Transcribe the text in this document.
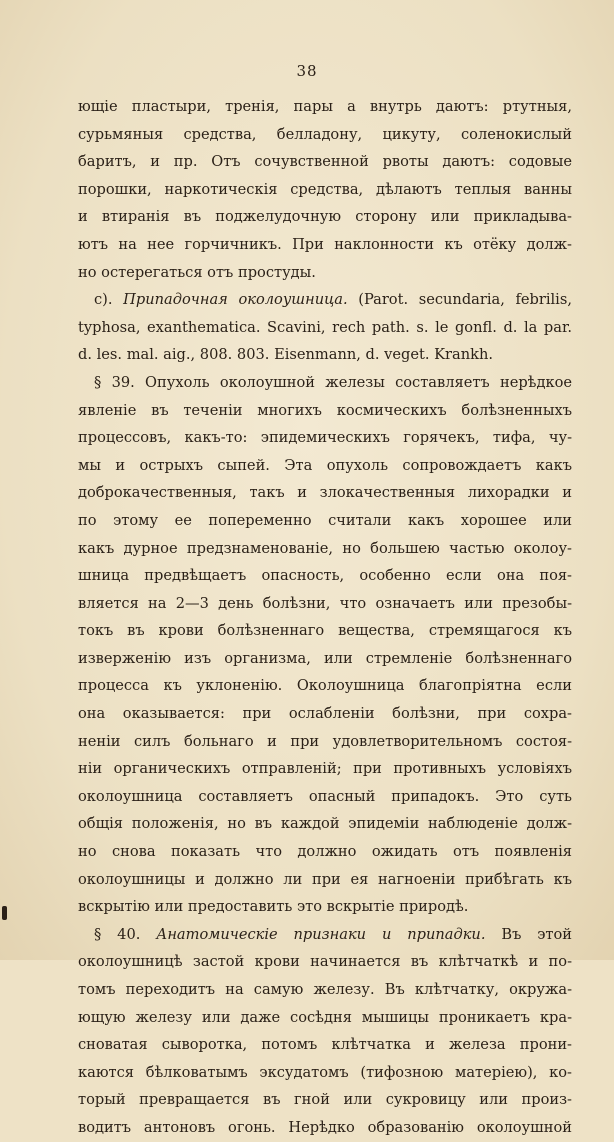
38
ющіе пластыри, тренія, пары а внутрь даютъ: ртутныя,
сурьмяныя средства, белладону, цикуту, соленокислый
баритъ, и пр. Отъ сочувственной рвоты даютъ: содовые
порошки, наркотическія средства, дѣлаютъ теплыя ванны
и втиранія въ поджелудочную сторону или прикладыва-
ютъ на нее горчичникъ. При наклонности къ отёку долж-
но остерегаться отъ простуды.
c). Припадочная околоушница. (Parot. secundaria, febrilis,
typhosa, exanthematica. Scavini, rech path. s. le gonfl. d. la par.
d. les. mal. aig., 808. 803. Eisenmann, d. veget. Krankh.
§ 39. Опухоль околоушной железы составляетъ нерѣдкое
явленіе въ теченіи многихъ космическихъ болѣзненныхъ
процессовъ, какъ-то: эпидемическихъ горячекъ, тифа, чу-
мы и острыхъ сыпей. Эта опухоль сопровождаетъ какъ
доброкачественныя, такъ и злокачественныя лихорадки и
по этому ее попеременно считали какъ хорошее или
какъ дурное предзнаменованіе, но большею частью околоу-
шница предвѣщаетъ опасность, особенно если она поя-
вляется на 2—3 день болѣзни, что означаетъ или презобы-
токъ въ крови болѣзненнаго вещества, стремящагося къ
изверженію изъ организма, или стремленіе болѣзненнаго
процесса къ уклоненію. Околоушница благопріятна если
она оказывается: при ослабленіи болѣзни, при сохра-
неніи силъ больнаго и при удовлетворительномъ состоя-
ніи органическихъ отправленій; при противныхъ условіяхъ
околоушница составляетъ опасный припадокъ. Это суть
общія положенія, но въ каждой эпидеміи наблюденіе долж-
но снова показать что должно ожидать отъ появленія
околоушницы и должно ли при ея нагноеніи прибѣгать къ
вскрытію или предоставить это вскрытіе природѣ.
§ 40. Анатомическіе признаки и припадки. Въ этой
околоушницѣ застой крови начинается въ клѣтчаткѣ и по-
томъ переходитъ на самую железу. Въ клѣтчатку, окружа-
ющую железу или даже сосѣдня мышицы проникаетъ кра-
сноватая сыворотка, потомъ клѣтчатка и железа прони-
каются бѣлковатымъ эксудатомъ (тифозною матеріею), ко-
торый превращается въ гной или сукровицу или произ-
водитъ антоновъ огонь. Нерѣдко образованію околоушной
